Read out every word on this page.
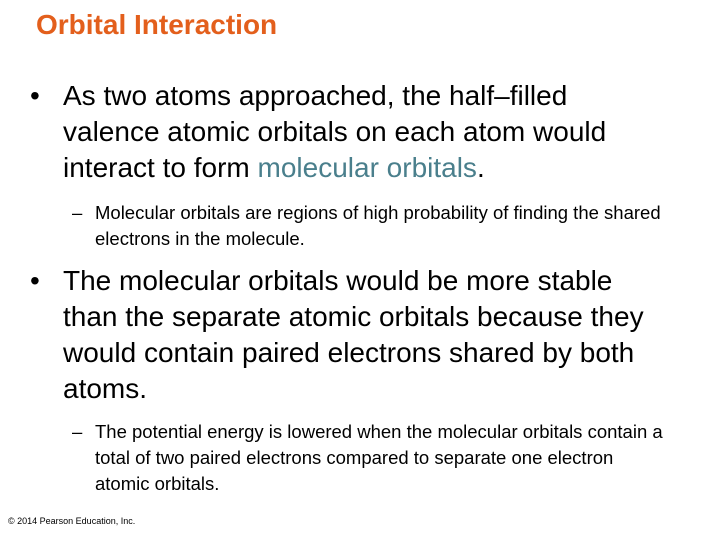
Orbital Interaction
• As two atoms approached, the half–filled valence atomic orbitals on each atom would interact to form molecular orbitals.
– Molecular orbitals are regions of high probability of finding the shared electrons in the molecule.
• The molecular orbitals would be more stable than the separate atomic orbitals because they would contain paired electrons shared by both atoms.
– The potential energy is lowered when the molecular orbitals contain a total of two paired electrons compared to separate one electron atomic orbitals.
© 2014 Pearson Education, Inc.
